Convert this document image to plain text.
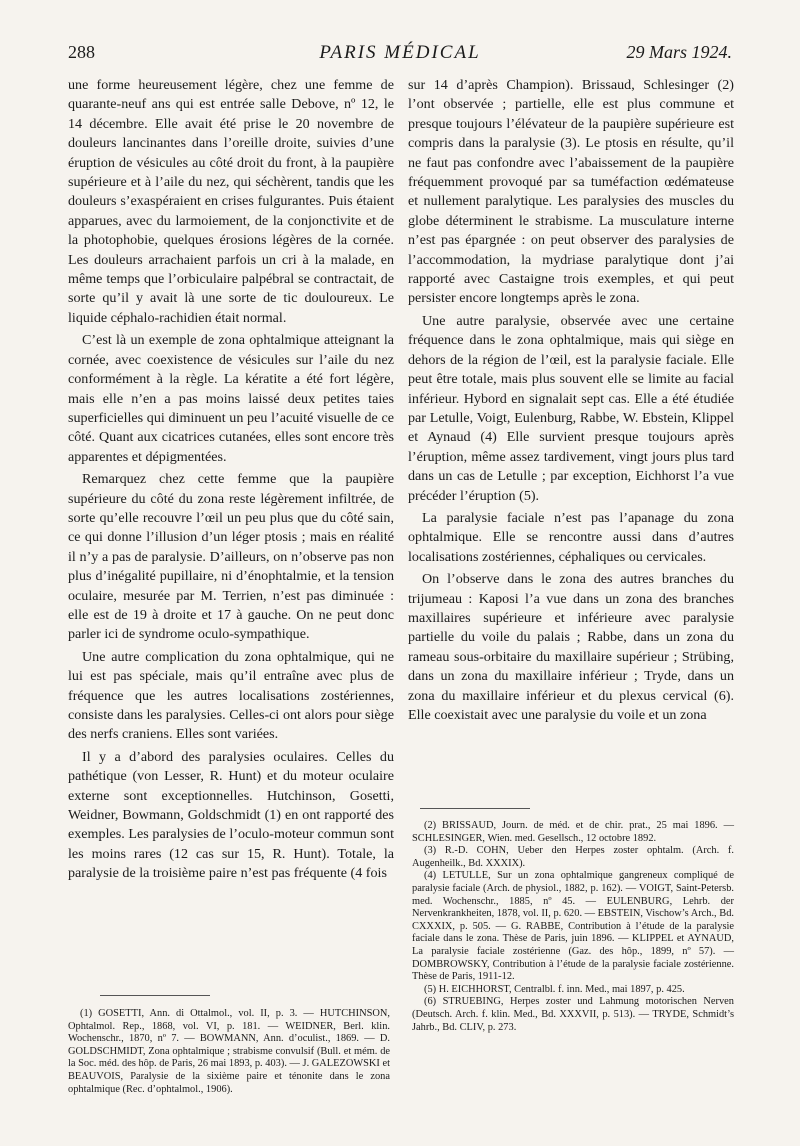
288	PARIS MÉDICAL	29 Mars 1924.

une forme heureusement légère, chez une femme de quarante-neuf ans qui est entrée salle Debove, nº 12, le 14 décembre. Elle avait été prise le 20 novembre de douleurs lancinantes dans l’oreille droite, suivies d’une éruption de vésicules au côté droit du front, à la paupière supérieure et à l’aile du nez, qui séchèrent, tandis que les douleurs s’exaspéraient en crises fulgurantes. Puis étaient apparues, avec du larmoiement, de la conjonctivite et de la photophobie, quelques érosions légères de la cornée. Les douleurs arrachaient parfois un cri à la malade, en même temps que l’orbiculaire palpébral se contractait, de sorte qu’il y avait là une sorte de tic douloureux. Le liquide céphalo-rachidien était normal.

C’est là un exemple de zona ophtalmique atteignant la cornée, avec coexistence de vésicules sur l’aile du nez conformément à la règle. La kératite a été fort légère, mais elle n’en a pas moins laissé deux petites taies superficielles qui diminuent un peu l’acuité visuelle de ce côté. Quant aux cicatrices cutanées, elles sont encore très apparentes et dépigmentées.

Remarquez chez cette femme que la paupière supérieure du côté du zona reste légèrement infiltrée, de sorte qu’elle recouvre l’œil un peu plus que du côté sain, ce qui donne l’illusion d’un léger ptosis ; mais en réalité il n’y a pas de paralysie. D’ailleurs, on n’observe pas non plus d’inégalité pupillaire, ni d’énophtalmie, et la tension oculaire, mesurée par M. Terrien, n’est pas diminuée : elle est de 19 à droite et 17 à gauche. On ne peut donc parler ici de syndrome oculo-sympathique.

Une autre complication du zona ophtalmique, qui ne lui est pas spéciale, mais qu’il entraîne avec plus de fréquence que les autres localisations zostériennes, consiste dans les paralysies. Celles-ci ont alors pour siège des nerfs craniens. Elles sont variées.

Il y a d’abord des paralysies oculaires. Celles du pathétique (von Lesser, R. Hunt) et du moteur oculaire externe sont exceptionnelles. Hutchinson, Gosetti, Weidner, Bowmann, Goldschmidt (1) en ont rapporté des exemples. Les paralysies de l’oculo-moteur commun sont les moins rares (12 cas sur 15, R. Hunt). Totale, la paralysie de la troisième paire n’est pas fréquente (4 fois

sur 14 d’après Champion). Brissaud, Schlesinger (2) l’ont observée ; partielle, elle est plus commune et presque toujours l’élévateur de la paupière supérieure est compris dans la paralysie (3). Le ptosis en résulte, qu’il ne faut pas confondre avec l’abaissement de la paupière fréquemment provoqué par sa tuméfaction œdémateuse et nullement paralytique. Les paralysies des muscles du globe déterminent le strabisme. La musculature interne n’est pas épargnée : on peut observer des paralysies de l’accommodation, la mydriase paralytique dont j’ai rapporté avec Castaigne trois exemples, et qui peut persister encore longtemps après le zona.

Une autre paralysie, observée avec une certaine fréquence dans le zona ophtalmique, mais qui siège en dehors de la région de l’œil, est la paralysie faciale. Elle peut être totale, mais plus souvent elle se limite au facial inférieur. Hybord en signalait sept cas. Elle a été étudiée par Letulle, Voigt, Eulenburg, Rabbe, W. Ebstein, Klippel et Aynaud (4) Elle survient presque toujours après l’éruption, même assez tardivement, vingt jours plus tard dans un cas de Letulle ; par exception, Eichhorst l’a vue précéder l’éruption (5).

La paralysie faciale n’est pas l’apanage du zona ophtalmique. Elle se rencontre aussi dans d’autres localisations zostériennes, céphaliques ou cervicales.

On l’observe dans le zona des autres branches du trijumeau : Kaposi l’a vue dans un zona des branches maxillaires supérieure et inférieure avec paralysie partielle du voile du palais ; Rabbe, dans un zona du rameau sous-orbitaire du maxillaire supérieur ; Strübing, dans un zona du maxillaire inférieur ; Tryde, dans un zona du maxillaire inférieur et du plexus cervical (6). Elle coexistait avec une paralysie du voile et un zona

(1) GOSETTI, Ann. di Ottalmol., vol. II, p. 3. — HUTCHINSON, Ophtalmol. Rep., 1868, vol. VI, p. 181. — WEIDNER, Berl. klin. Wochenschr., 1870, nº 7. — BOWMANN, Ann. d’oculist., 1869. — D. GOLDSCHMIDT, Zona ophtalmique ; strabisme convulsif (Bull. et mém. de la Soc. méd. des hôp. de Paris, 26 mai 1893, p. 403). — J. GALEZOWSKI et BEAUVOIS, Paralysie de la sixième paire et ténonite dans le zona ophtalmique (Rec. d’ophtalmol., 1906).

(2) BRISSAUD, Journ. de méd. et de chir. prat., 25 mai 1896. — SCHLESINGER, Wien. med. Gesellsch., 12 octobre 1892.

(3) R.-D. COHN, Ueber den Herpes zoster ophtalm. (Arch. f. Augenheilk., Bd. XXXIX).

(4) LETULLE, Sur un zona ophtalmique gangreneux compliqué de paralysie faciale (Arch. de physiol., 1882, p. 162). — VOIGT, Saint-Petersb. med. Wochenschr., 1885, nº 45. — EULENBURG, Lehrb. der Nervenkrankheiten, 1878, vol. II, p. 620. — EBSTEIN, Vischow’s Arch., Bd. CXXXIX, p. 505. — G. RABBE, Contribution à l’étude de la paralysie faciale dans le zona. Thèse de Paris, juin 1896. — KLIPPEL et AYNAUD, La paralysie faciale zostérienne (Gaz. des hôp., 1899, nº 57). — DOMBROWSKY, Contribution à l’étude de la paralysie faciale zostérienne. Thèse de Paris, 1911-12.

(5) H. EICHHORST, Centralbl. f. inn. Med., mai 1897, p. 425.

(6) STRUEBING, Herpes zoster und Lahmung motorischen Nerven (Deutsch. Arch. f. klin. Med., Bd. XXXVII, p. 513). — TRYDE, Schmidt’s Jahrb., Bd. CLIV, p. 273.
